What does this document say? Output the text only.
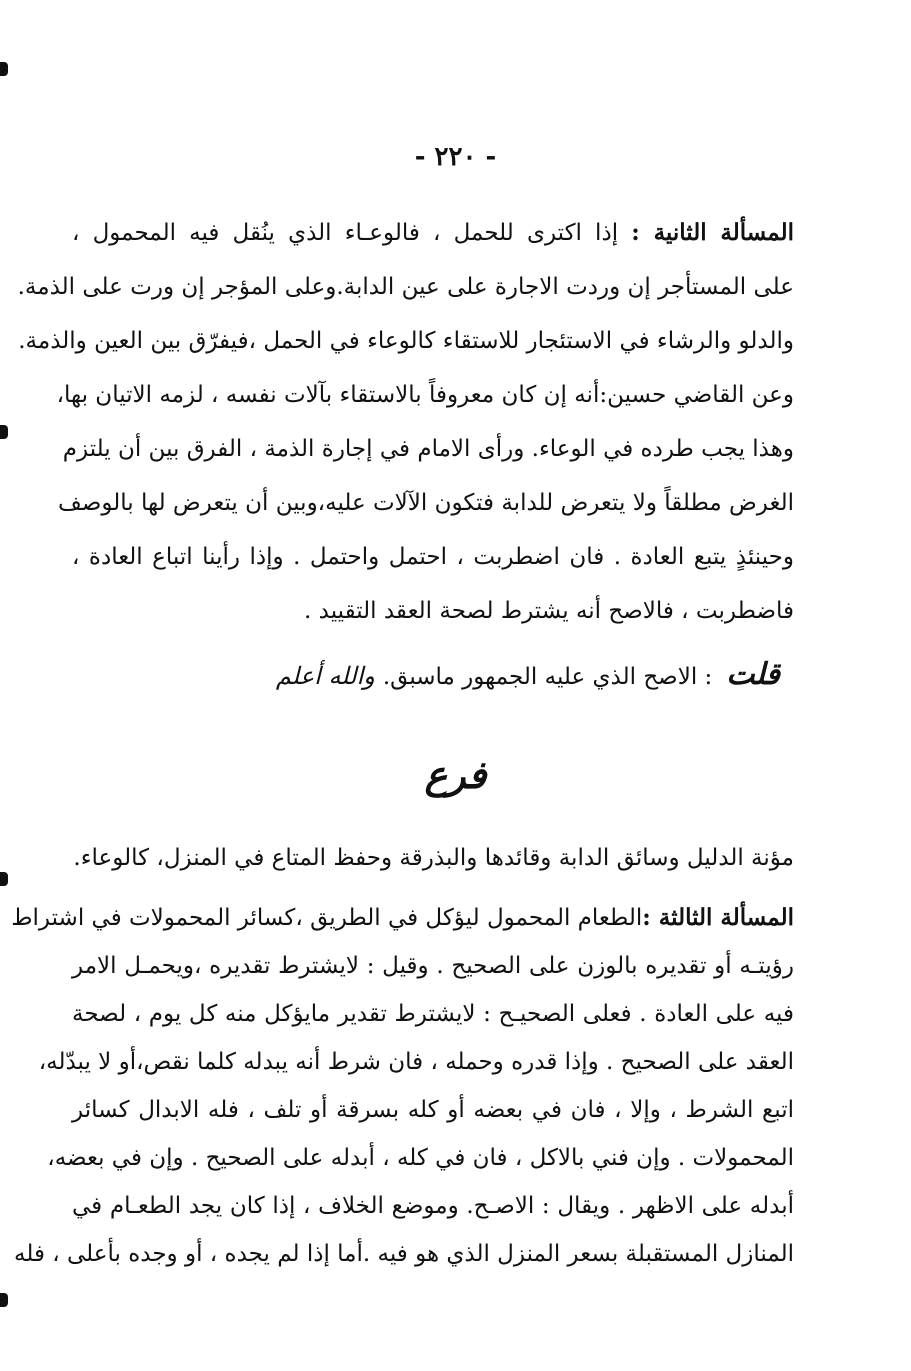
- ٢٢٠ -
المسألة الثانية : إذا اكترى للحمل ، فالوعـاء الذي ينُقل فيه المحمول ،
على المستأجر إن وردت الاجارة على عين الدابة.وعلى المؤجر إن ورت على الذمة.
والدلو والرشاء في الاستئجار للاستقاء كالوعاء في الحمل ،فيفرّق بين العين والذمة.
وعن القاضي حسين:أنه إن كان معروفاً بالاستقاء بآلات نفسه ، لزمه الاتيان بها،
وهذا يجب طرده في الوعاء. ورأى الامام في إجارة الذمة ، الفرق بين أن يلتزم
الغرض مطلقاً ولا يتعرض للدابة فتكون الآلات عليه،وبين أن يتعرض لها بالوصف
وحينئذٍ يتبع العادة . فان اضطربت ، احتمل واحتمل . وإذا رأينا اتباع العادة ،
فاضطربت ، فالاصح أنه يشترط لصحة العقد التقييد .
قلت: الاصح الذي عليه الجمهور ماسبق.والله أعلم
فرع
مؤنة الدليل وسائق الدابة وقائدها والبذرقة وحفظ المتاع في المنزل، كالوعاء.
المسألة الثالثة :الطعام المحمول ليؤكل في الطريق ،كسائر المحمولات في اشتراط
رؤيتـه أو تقديره بالوزن على الصحيح . وقيل : لايشترط تقديره ،ويحمـل الامر
فيه على العادة . فعلى الصحيـح : لايشترط تقدير مايؤكل منه كل يوم ، لصحة
العقد على الصحيح . وإذا قدره وحمله ، فان شرط أنه يبدله كلما نقص،أو لا يبدّله،
اتبع الشرط ، وإلا ، فان في بعضه أو كله بسرقة أو تلف ، فله الابدال كسائر
المحمولات . وإن فني بالاكل ، فان في كله ، أبدله على الصحيح . وإن في بعضه،
أبدله على الاظهر . ويقال : الاصـح. وموضع الخلاف ، إذا كان يجد الطعـام في
المنازل المستقبلة بسعر المنزل الذي هو فيه .أما إذا لم يجده ، أو وجده بأعلى ، فله
